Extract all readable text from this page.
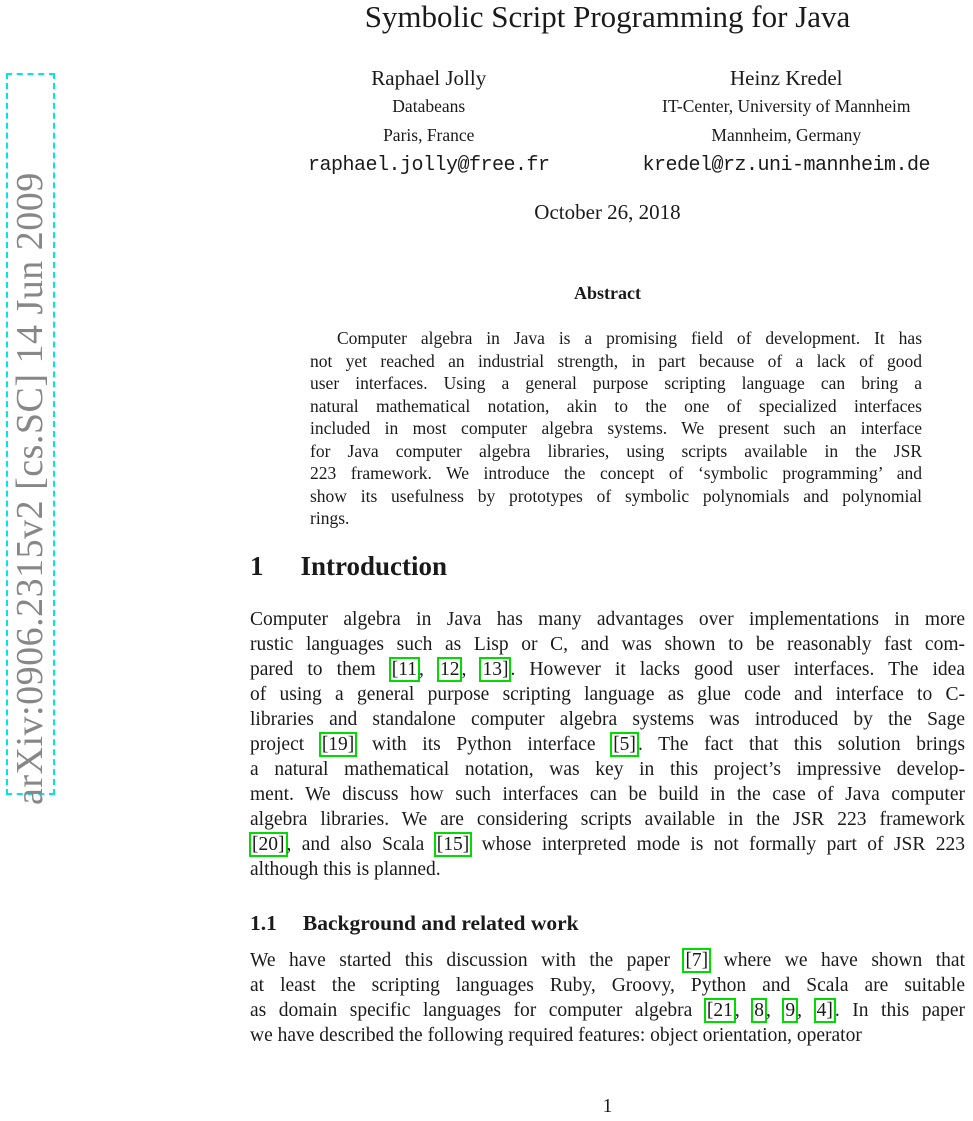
arXiv:0906.2315v2 [cs.SC] 14 Jun 2009
Symbolic Script Programming for Java
Raphael Jolly
Databeans
Paris, France
raphael.jolly@free.fr
Heinz Kredel
IT-Center, University of Mannheim
Mannheim, Germany
kredel@rz.uni-mannheim.de
October 26, 2018
Abstract
Computer algebra in Java is a promising field of development. It has
not yet reached an industrial strength, in part because of a lack of good
user interfaces. Using a general purpose scripting language can bring a
natural mathematical notation, akin to the one of specialized interfaces
included in most computer algebra systems. We present such an interface
for Java computer algebra libraries, using scripts available in the JSR
223 framework. We introduce the concept of ‘symbolic programming’ and
show its usefulness by prototypes of symbolic polynomials and polynomial
rings.
1 Introduction
Computer algebra in Java has many advantages over implementations in more
rustic languages such as Lisp or C, and was shown to be reasonably fast com-
pared to them [11 , 12 , 13] . However it lacks good user interfaces. The idea
of using a general purpose scripting language as glue code and interface to C-
libraries and standalone computer algebra systems was introduced by the Sage
project [19] with its Python interface [5] . The fact that this solution brings
a natural mathematical notation, was key in this project’s impressive develop-
ment. We discuss how such interfaces can be build in the case of Java computer
algebra libraries. We are considering scripts available in the JSR 223 framework
[20] , and also Scala [15] whose interpreted mode is not formally part of JSR 223
although this is planned.
1.1 Background and related work
We have started this discussion with the paper [7] where we have shown that
at least the scripting languages Ruby, Groovy, Python and Scala are suitable
as domain specific languages for computer algebra [21 , 8 , 9 , 4] . In this paper
we have described the following required features: object orientation, operator
1
